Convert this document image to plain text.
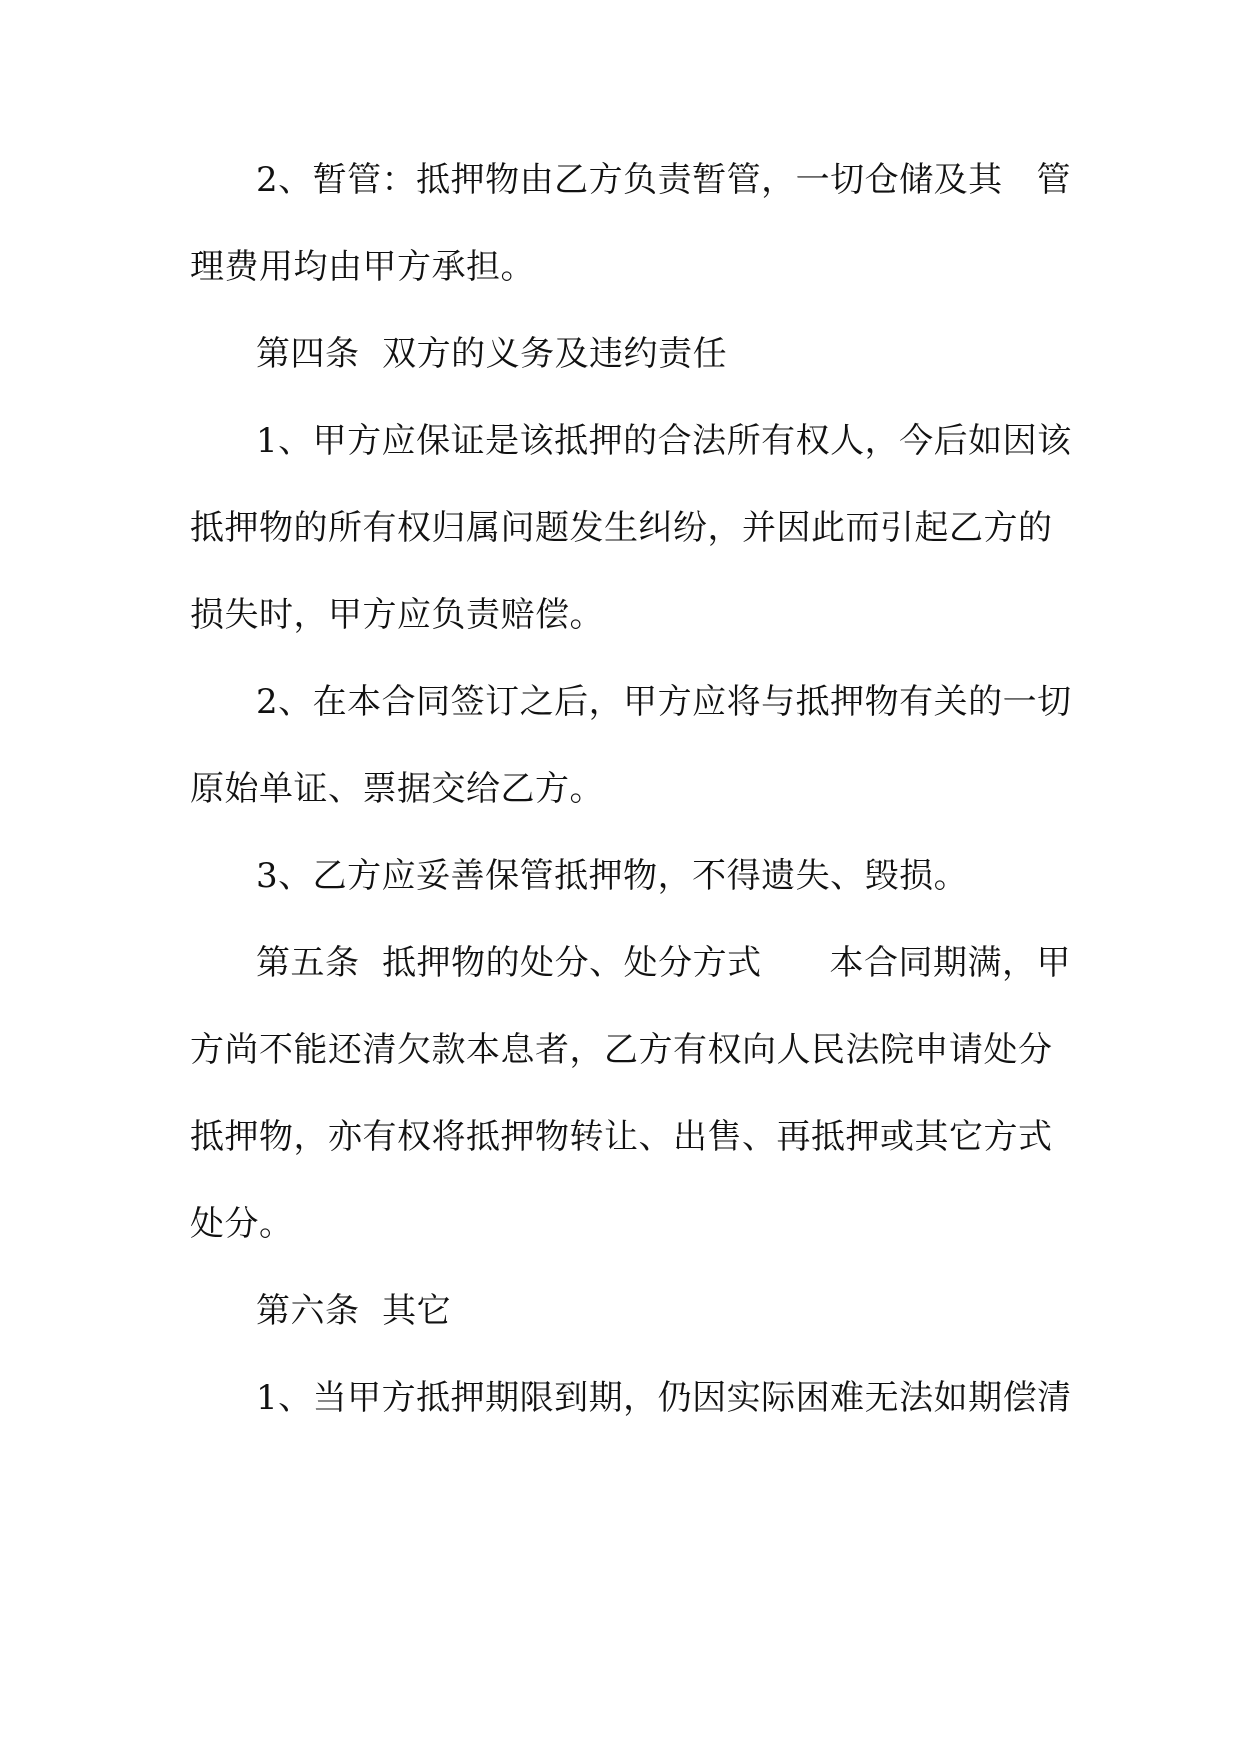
2、暂管：抵押物由乙方负责暂管，一切仓储及其   管
理费用均由甲方承担。
第四条  双方的义务及违约责任
1、甲方应保证是该抵押的合法所有权人，今后如因该
抵押物的所有权归属问题发生纠纷，并因此而引起乙方的
损失时，甲方应负责赔偿。
2、在本合同签订之后，甲方应将与抵押物有关的一切
原始单证、票据交给乙方。
3、乙方应妥善保管抵押物，不得遗失、毁损。
第五条  抵押物的处分、处分方式      本合同期满，甲
方尚不能还清欠款本息者，乙方有权向人民法院申请处分
抵押物，亦有权将抵押物转让、出售、再抵押或其它方式
处分。
第六条  其它
1、当甲方抵押期限到期，仍因实际困难无法如期偿清
